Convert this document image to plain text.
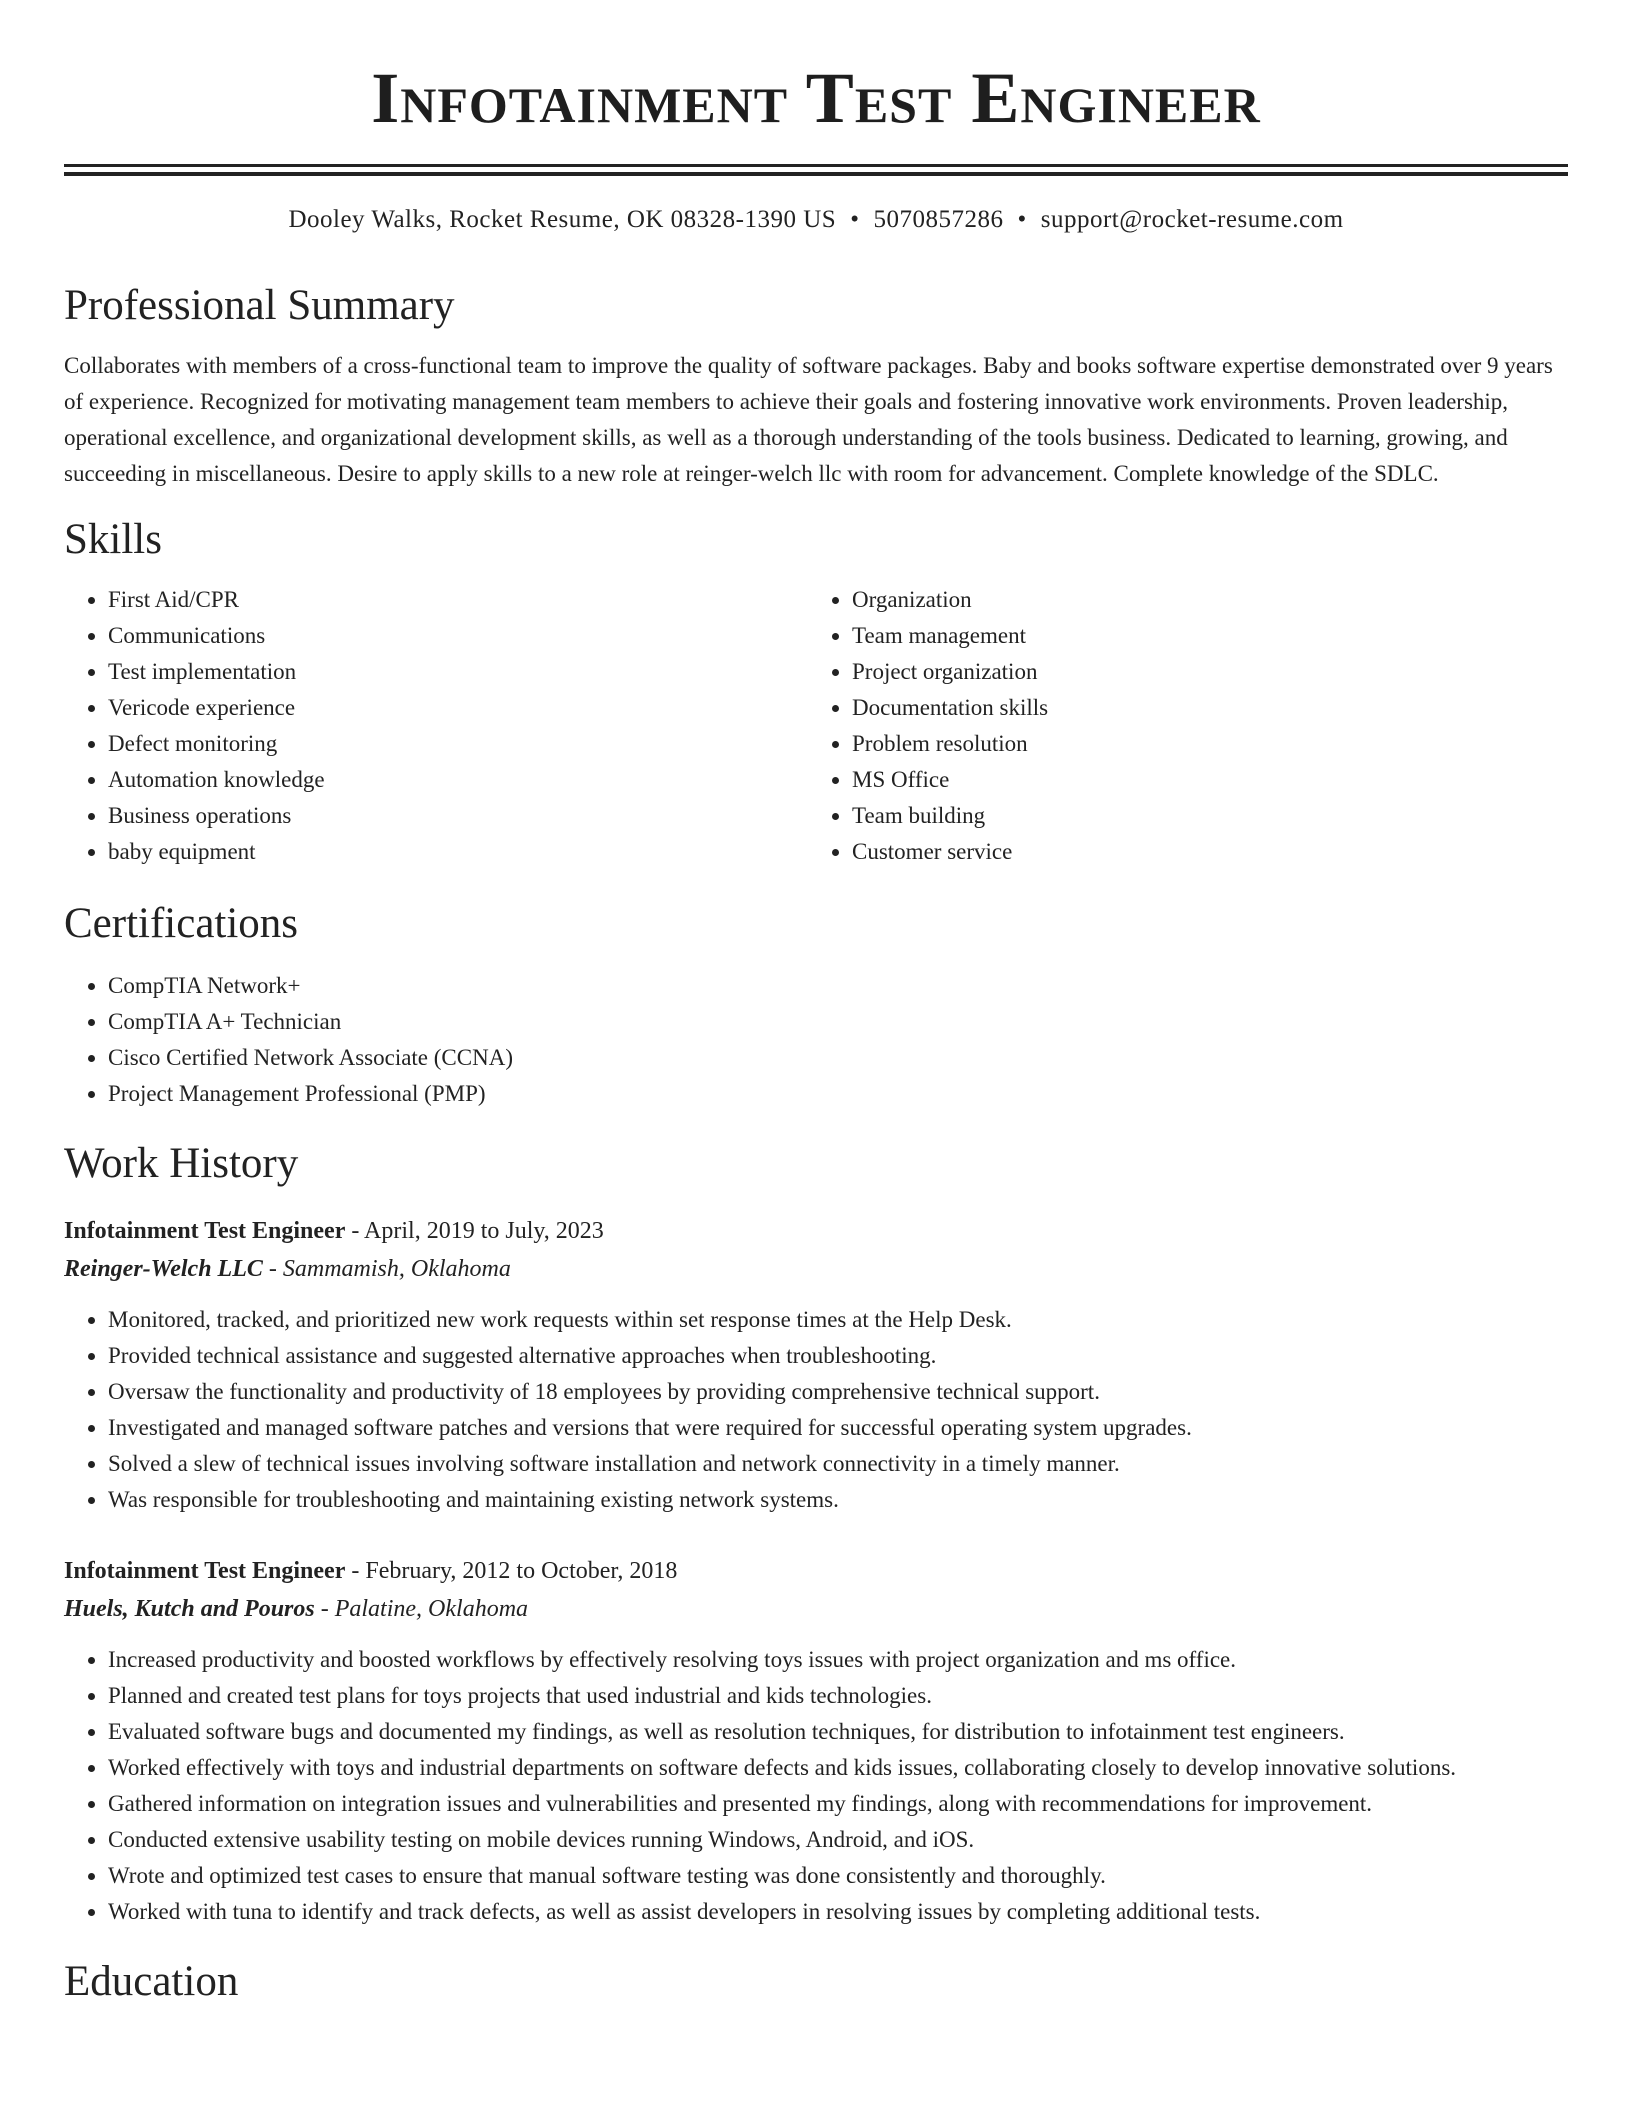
Infotainment Test Engineer
Dooley Walks, Rocket Resume, OK 08328-1390 US • 5070857286 • support@rocket-resume.com
Professional Summary

Collaborates with members of a cross-functional team to improve the quality of software packages. Baby and books software expertise demonstrated over 9 years of experience. Recognized for motivating management team members to achieve their goals and fostering innovative work environments. Proven leadership, operational excellence, and organizational development skills, as well as a thorough understanding of the tools business. Dedicated to learning, growing, and succeeding in miscellaneous. Desire to apply skills to a new role at reinger-welch llc with room for advancement. Complete knowledge of the SDLC.

Skills
• First Aid/CPR
• Communications
• Test implementation
• Vericode experience
• Defect monitoring
• Automation knowledge
• Business operations
• baby equipment
• Organization
• Team management
• Project organization
• Documentation skills
• Problem resolution
• MS Office
• Team building
• Customer service
Certifications
• CompTIA Network+
• CompTIA A+ Technician
• Cisco Certified Network Associate (CCNA)
• Project Management Professional (PMP)
Work History
Infotainment Test Engineer - April, 2019 to July, 2023
Reinger-Welch LLC - Sammamish, Oklahoma
• Monitored, tracked, and prioritized new work requests within set response times at the Help Desk.
• Provided technical assistance and suggested alternative approaches when troubleshooting.
• Oversaw the functionality and productivity of 18 employees by providing comprehensive technical support.
• Investigated and managed software patches and versions that were required for successful operating system upgrades.
• Solved a slew of technical issues involving software installation and network connectivity in a timely manner.
• Was responsible for troubleshooting and maintaining existing network systems.
Infotainment Test Engineer - February, 2012 to October, 2018
Huels, Kutch and Pouros - Palatine, Oklahoma
• Increased productivity and boosted workflows by effectively resolving toys issues with project organization and ms office.
• Planned and created test plans for toys projects that used industrial and kids technologies.
• Evaluated software bugs and documented my findings, as well as resolution techniques, for distribution to infotainment test engineers.
• Worked effectively with toys and industrial departments on software defects and kids issues, collaborating closely to develop innovative solutions.
• Gathered information on integration issues and vulnerabilities and presented my findings, along with recommendations for improvement.
• Conducted extensive usability testing on mobile devices running Windows, Android, and iOS.
• Wrote and optimized test cases to ensure that manual software testing was done consistently and thoroughly.
• Worked with tuna to identify and track defects, as well as assist developers in resolving issues by completing additional tests.
Education
